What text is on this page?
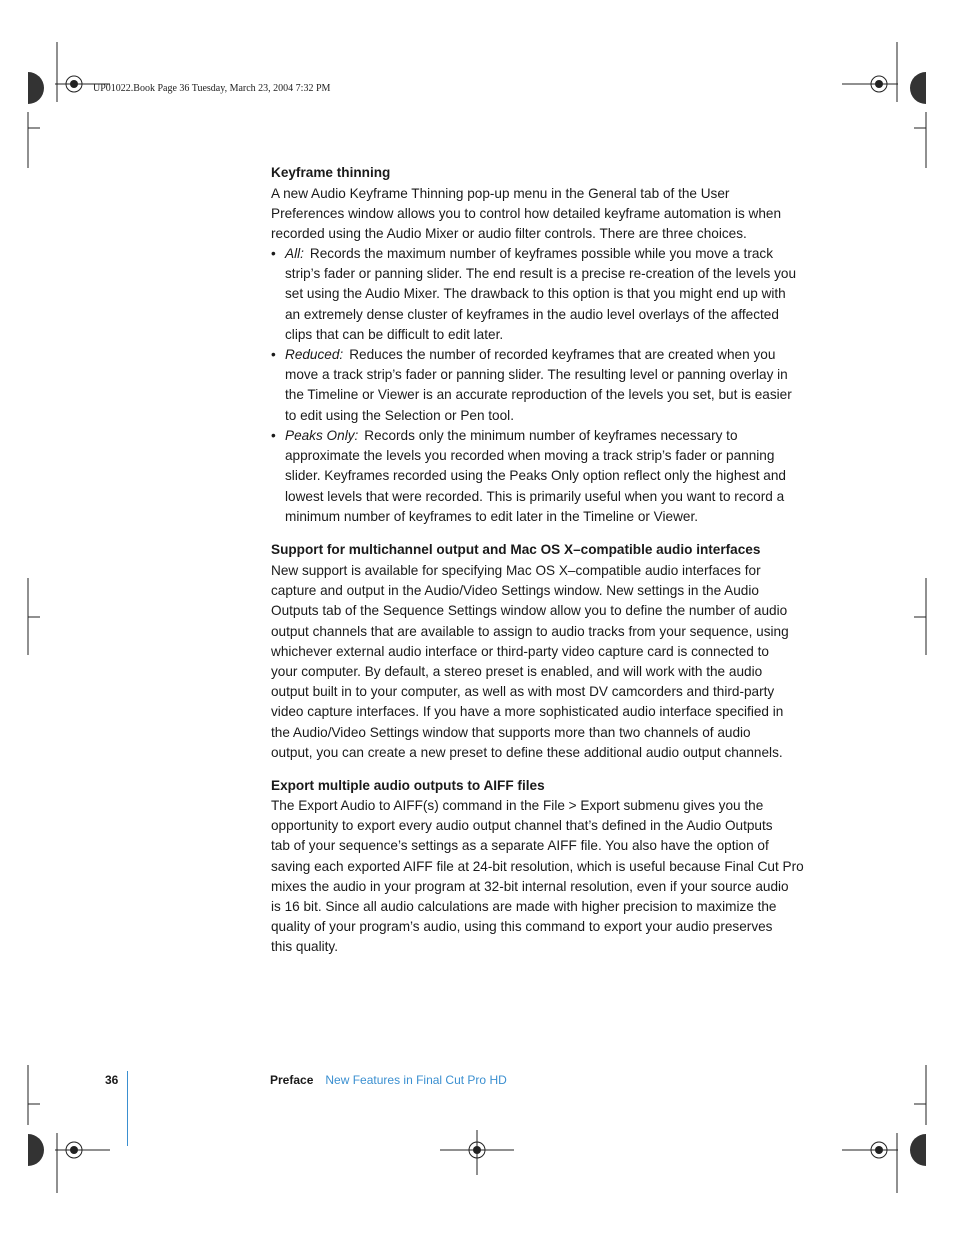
UP01022.Book Page 36 Tuesday, March 23, 2004 7:32 PM
Keyframe thinning
A new Audio Keyframe Thinning pop-up menu in the General tab of the User
Preferences window allows you to control how detailed keyframe automation is when
recorded using the Audio Mixer or audio filter controls. There are three choices.
• All: Records the maximum number of keyframes possible while you move a track
strip’s fader or panning slider. The end result is a precise re-creation of the levels you
set using the Audio Mixer. The drawback to this option is that you might end up with
an extremely dense cluster of keyframes in the audio level overlays of the affected
clips that can be difficult to edit later.
• Reduced: Reduces the number of recorded keyframes that are created when you
move a track strip’s fader or panning slider. The resulting level or panning overlay in
the Timeline or Viewer is an accurate reproduction of the levels you set, but is easier
to edit using the Selection or Pen tool.
• Peaks Only: Records only the minimum number of keyframes necessary to
approximate the levels you recorded when moving a track strip’s fader or panning
slider. Keyframes recorded using the Peaks Only option reflect only the highest and
lowest levels that were recorded. This is primarily useful when you want to record a
minimum number of keyframes to edit later in the Timeline or Viewer.
Support for multichannel output and Mac OS X–compatible audio interfaces
New support is available for specifying Mac OS X–compatible audio interfaces for
capture and output in the Audio/Video Settings window. New settings in the Audio
Outputs tab of the Sequence Settings window allow you to define the number of audio
output channels that are available to assign to audio tracks from your sequence, using
whichever external audio interface or third-party video capture card is connected to
your computer. By default, a stereo preset is enabled, and will work with the audio
output built in to your computer, as well as with most DV camcorders and third-party
video capture interfaces. If you have a more sophisticated audio interface specified in
the Audio/Video Settings window that supports more than two channels of audio
output, you can create a new preset to define these additional audio output channels.
Export multiple audio outputs to AIFF files
The Export Audio to AIFF(s) command in the File > Export submenu gives you the
opportunity to export every audio output channel that’s defined in the Audio Outputs
tab of your sequence’s settings as a separate AIFF file. You also have the option of
saving each exported AIFF file at 24-bit resolution, which is useful because Final Cut Pro
mixes the audio in your program at 32-bit internal resolution, even if your source audio
is 16 bit. Since all audio calculations are made with higher precision to maximize the
quality of your program’s audio, using this command to export your audio preserves
this quality.
36	Preface New Features in Final Cut Pro HD
